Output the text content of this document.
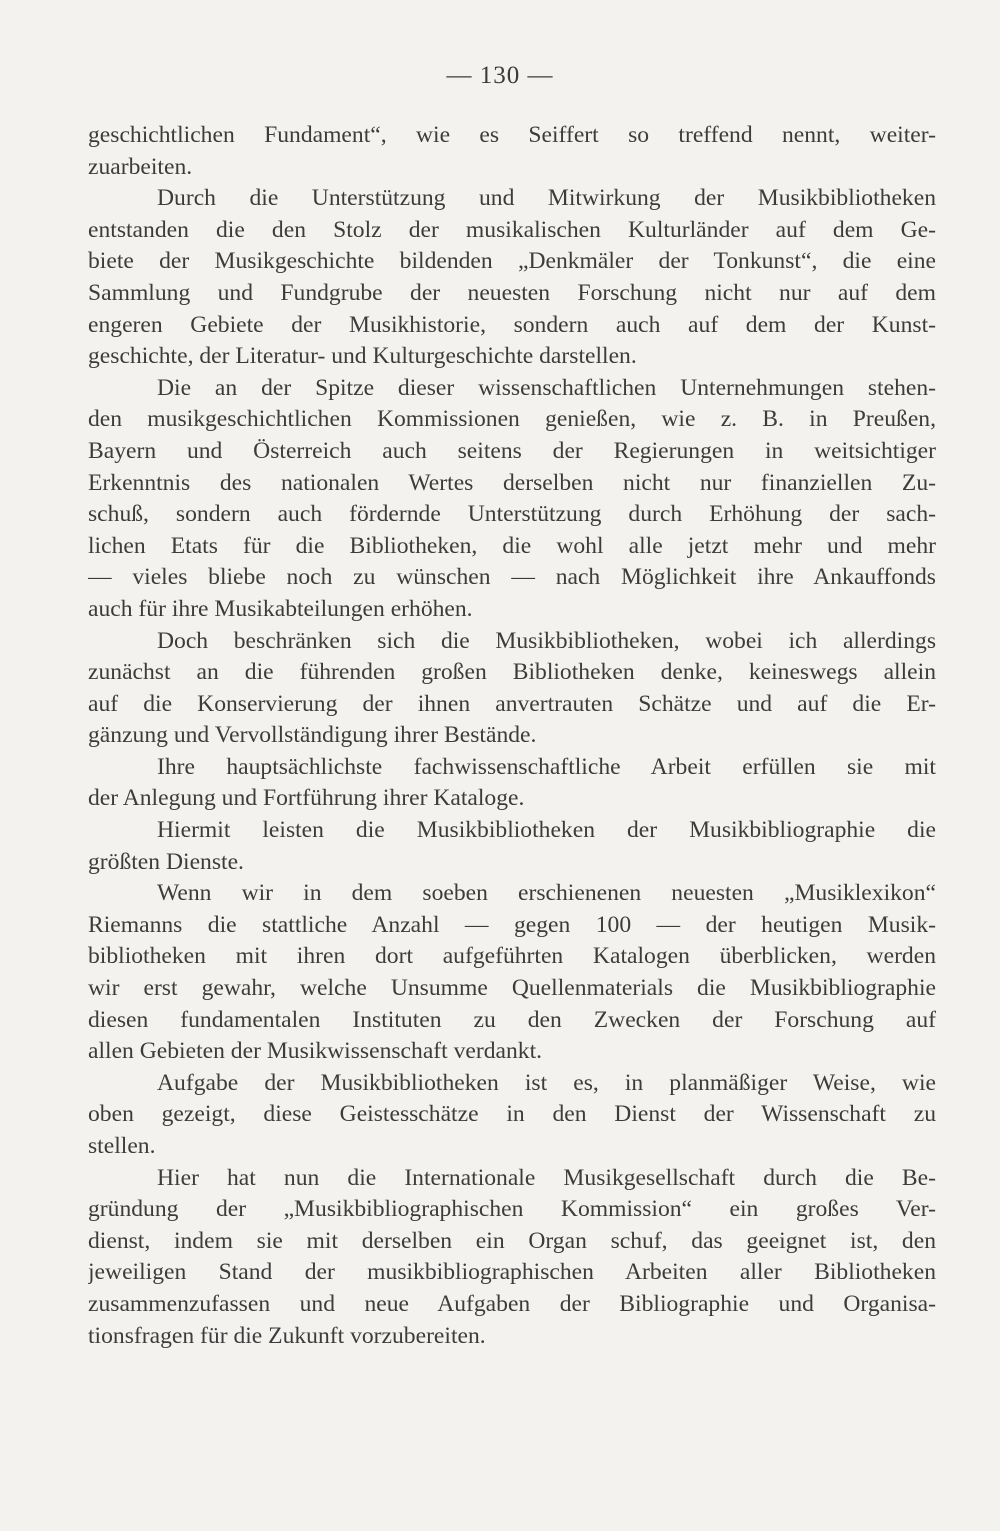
— 130 —
geschichtlichen Fundament“, wie es Seiffert so treffend nennt, weiter-
zuarbeiten.
Durch die Unterstützung und Mitwirkung der Musikbibliotheken
entstanden die den Stolz der musikalischen Kulturländer auf dem Ge-
biete der Musikgeschichte bildenden „Denkmäler der Tonkunst“, die eine
Sammlung und Fundgrube der neuesten Forschung nicht nur auf dem
engeren Gebiete der Musikhistorie, sondern auch auf dem der Kunst-
geschichte, der Literatur- und Kulturgeschichte darstellen.
Die an der Spitze dieser wissenschaftlichen Unternehmungen stehen-
den musikgeschichtlichen Kommissionen genießen, wie z. B. in Preußen,
Bayern und Österreich auch seitens der Regierungen in weitsichtiger
Erkenntnis des nationalen Wertes derselben nicht nur finanziellen Zu-
schuß, sondern auch fördernde Unterstützung durch Erhöhung der sach-
lichen Etats für die Bibliotheken, die wohl alle jetzt mehr und mehr
— vieles bliebe noch zu wünschen — nach Möglichkeit ihre Ankauffonds
auch für ihre Musikabteilungen erhöhen.
Doch beschränken sich die Musikbibliotheken, wobei ich allerdings
zunächst an die führenden großen Bibliotheken denke, keineswegs allein
auf die Konservierung der ihnen anvertrauten Schätze und auf die Er-
gänzung und Vervollständigung ihrer Bestände.
Ihre hauptsächlichste fachwissenschaftliche Arbeit erfüllen sie mit
der Anlegung und Fortführung ihrer Kataloge.
Hiermit leisten die Musikbibliotheken der Musikbibliographie die
größten Dienste.
Wenn wir in dem soeben erschienenen neuesten „Musiklexikon“
Riemanns die stattliche Anzahl — gegen 100 — der heutigen Musik-
bibliotheken mit ihren dort aufgeführten Katalogen überblicken, werden
wir erst gewahr, welche Unsumme Quellenmaterials die Musikbibliographie
diesen fundamentalen Instituten zu den Zwecken der Forschung auf
allen Gebieten der Musikwissenschaft verdankt.
Aufgabe der Musikbibliotheken ist es, in planmäßiger Weise, wie
oben gezeigt, diese Geistesschätze in den Dienst der Wissenschaft zu
stellen.
Hier hat nun die Internationale Musikgesellschaft durch die Be-
gründung der „Musikbibliographischen Kommission“ ein großes Ver-
dienst, indem sie mit derselben ein Organ schuf, das geeignet ist, den
jeweiligen Stand der musikbibliographischen Arbeiten aller Bibliotheken
zusammenzufassen und neue Aufgaben der Bibliographie und Organisa-
tionsfragen für die Zukunft vorzubereiten.
